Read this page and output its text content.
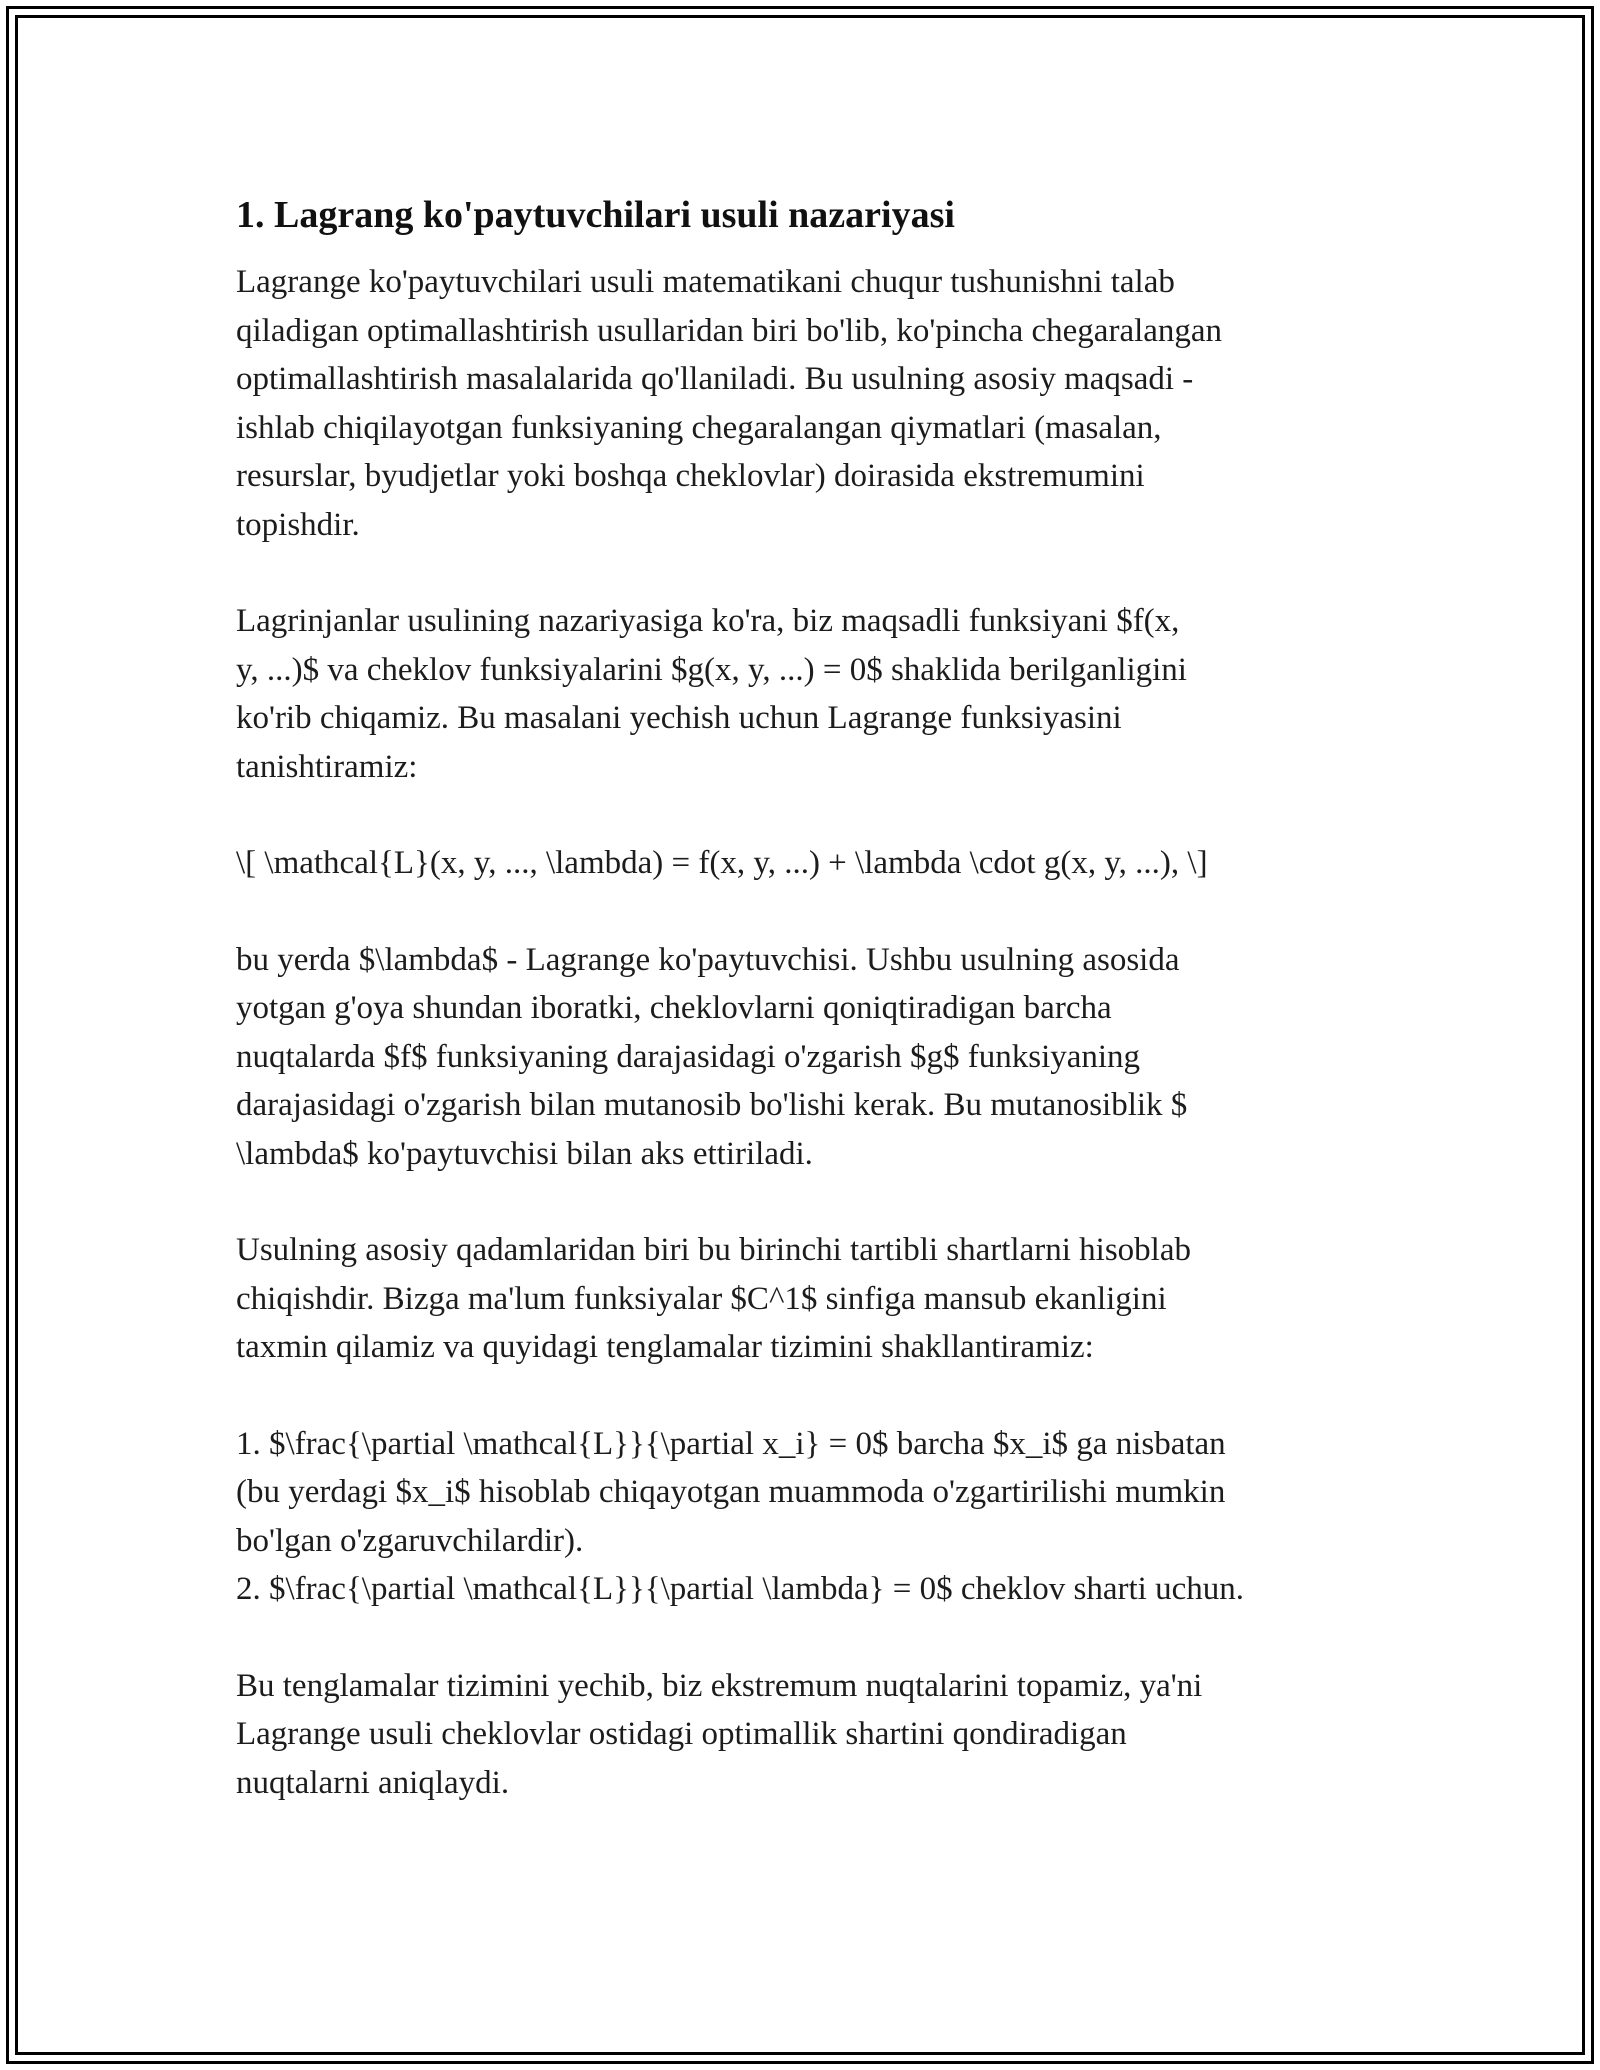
1. Lagrang ko'paytuvchilari usuli nazariyasi

Lagrange ko'paytuvchilari usuli matematikani chuqur tushunishni talab
qiladigan optimallashtirish usullaridan biri bo'lib, ko'pincha chegaralangan
optimallashtirish masalalarida qo'llaniladi. Bu usulning asosiy maqsadi -
ishlab chiqilayotgan funksiyaning chegaralangan qiymatlari (masalan,
resurslar, byudjetlar yoki boshqa cheklovlar) doirasida ekstremumini
topishdir.

Lagrinjanlar usulining nazariyasiga ko'ra, biz maqsadli funksiyani $f(x,
y, ...)$ va cheklov funksiyalarini $g(x, y, ...) = 0$ shaklida berilganligini
ko'rib chiqamiz. Bu masalani yechish uchun Lagrange funksiyasini
tanishtiramiz:

\[ \mathcal{L}(x, y, ..., \lambda) = f(x, y, ...) + \lambda \cdot g(x, y, ...), \]

bu yerda $\lambda$ - Lagrange ko'paytuvchisi. Ushbu usulning asosida
yotgan g'oya shundan iboratki, cheklovlarni qoniqtiradigan barcha
nuqtalarda $f$ funksiyaning darajasidagi o'zgarish $g$ funksiyaning
darajasidagi o'zgarish bilan mutanosib bo'lishi kerak. Bu mutanosiblik $
\lambda$ ko'paytuvchisi bilan aks ettiriladi.

Usulning asosiy qadamlaridan biri bu birinchi tartibli shartlarni hisoblab
chiqishdir. Bizga ma'lum funksiyalar $C^1$ sinfiga mansub ekanligini
taxmin qilamiz va quyidagi tenglamalar tizimini shakllantiramiz:

1. $\frac{\partial \mathcal{L}}{\partial x_i} = 0$ barcha $x_i$ ga nisbatan
(bu yerdagi $x_i$ hisoblab chiqayotgan muammoda o'zgartirilishi mumkin
bo'lgan o'zgaruvchilardir).
2. $\frac{\partial \mathcal{L}}{\partial \lambda} = 0$ cheklov sharti uchun.

Bu tenglamalar tizimini yechib, biz ekstremum nuqtalarini topamiz, ya'ni
Lagrange usuli cheklovlar ostidagi optimallik shartini qondiradigan
nuqtalarni aniqlaydi.
